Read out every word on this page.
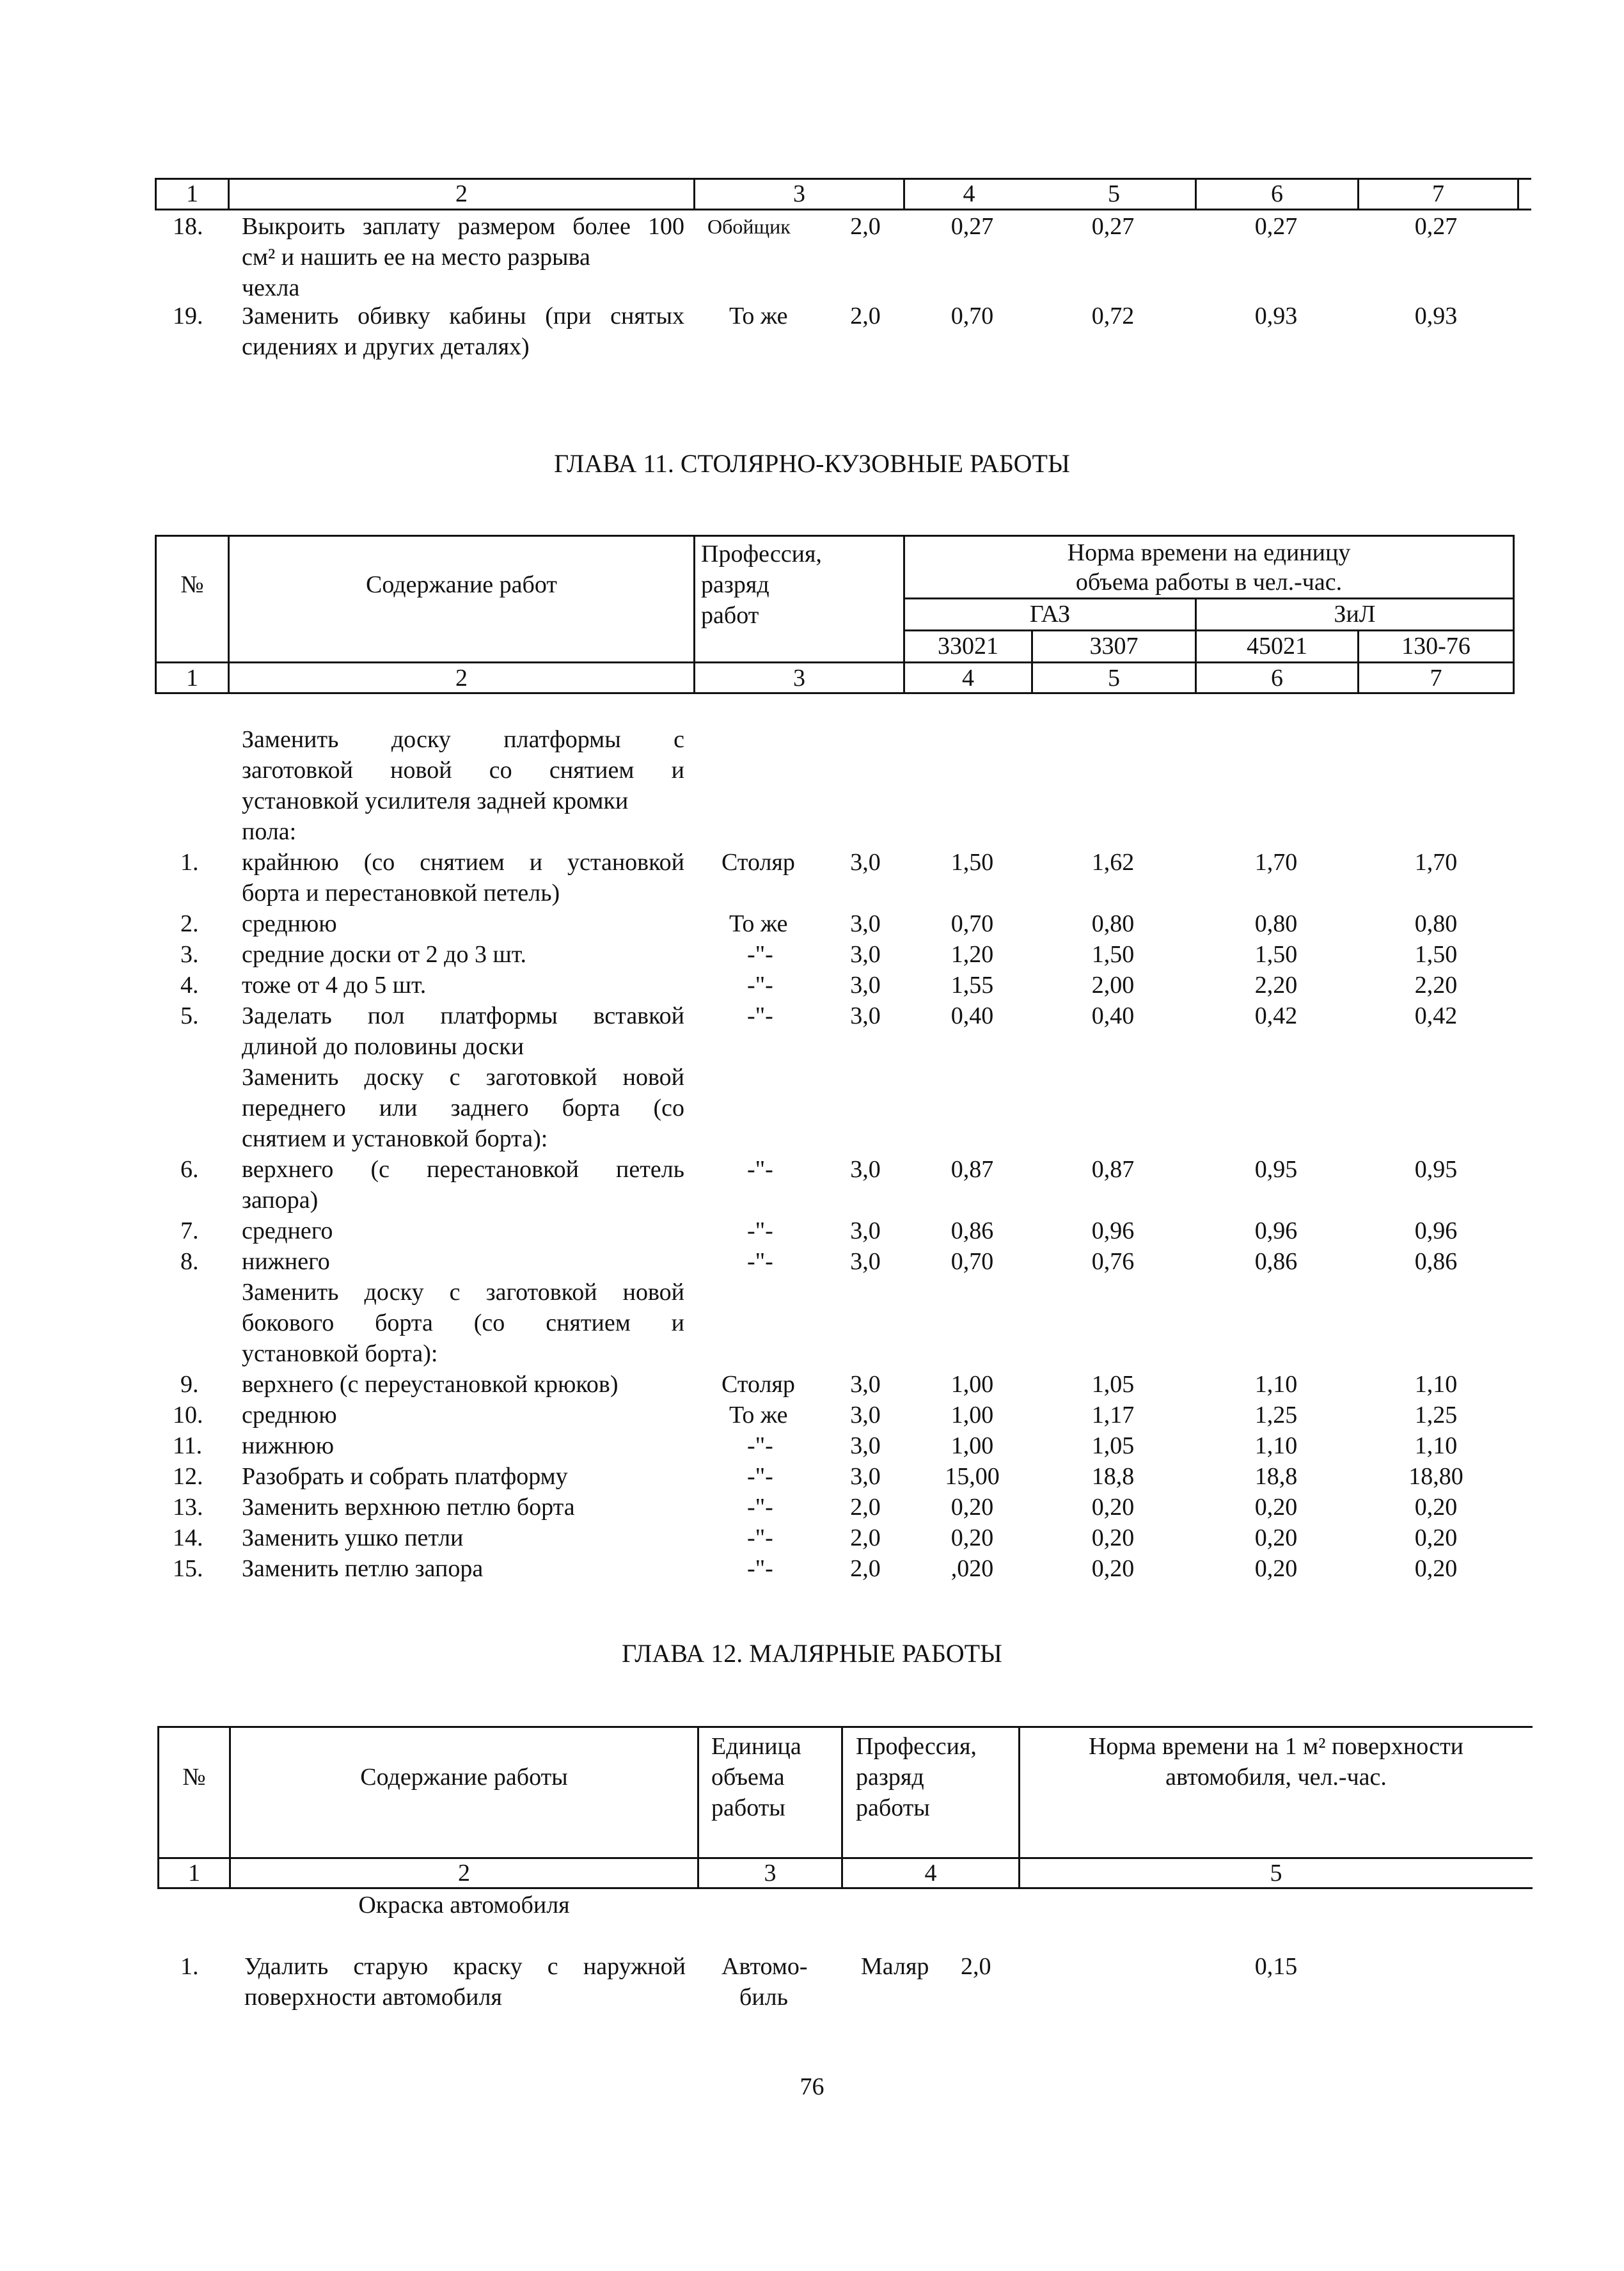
1	2	3	4	5	6	7
18. Выкроить заплату размером более 100
см² и нашить ее на место разрыва
чехла
Обойщик	2,0	0,27	0,27	0,27	0,27
19. Заменить обивку кабины (при снятых
сидениях и других деталях)
То же	2,0	0,70	0,72	0,93	0,93
ГЛАВА 11. СТОЛЯРНО-КУЗОВНЫЕ РАБОТЫ
№	Содержание работ
Профессия,
разряд
работ
Норма времени на единицу
объема работы в чел.-час.
ГАЗ	ЗиЛ
33021	3307	45021	130-76
1	2	3	4	5	6	7
Заменить доску платформы с
заготовкой новой со снятием и
установкой усилителя задней кромки
пола:
1. крайнюю (со снятием и установкой
борта и перестановкой петель)
Столяр	3,0	1,50	1,62	1,70	1,70
2. среднюю	То же	3,0	0,70	0,80	0,80	0,80
3. средние доски от 2 до 3 шт.	-"-	3,0	1,20	1,50	1,50	1,50
4. тоже от 4 до 5 шт.	-"-	3,0	1,55	2,00	2,20	2,20
5. Заделать пол платформы вставкой
длиной до половины доски
-"-	3,0	0,40	0,40	0,42	0,42
Заменить доску с заготовкой новой
переднего или заднего борта (со
снятием и установкой борта):
6. верхнего (с перестановкой петель
запора)
-"-	3,0	0,87	0,87	0,95	0,95
7. среднего	-"-	3,0	0,86	0,96	0,96	0,96
8. нижнего	-"-	3,0	0,70	0,76	0,86	0,86
Заменить доску с заготовкой новой
бокового борта (со снятием и
установкой борта):
9. верхнего (с переустановкой крюков)	Столяр	3,0	1,00	1,05	1,10	1,10
10. среднюю	То же	3,0	1,00	1,17	1,25	1,25
11. нижнюю	-"-	3,0	1,00	1,05	1,10	1,10
12. Разобрать и собрать платформу	-"-	3,0	15,00	18,8	18,8	18,80
13. Заменить верхнюю петлю борта	-"-	2,0	0,20	0,20	0,20	0,20
14. Заменить ушко петли	-"-	2,0	0,20	0,20	0,20	0,20
15. Заменить петлю запора	-"-	2,0	,020	0,20	0,20	0,20
ГЛАВА 12. МАЛЯРНЫЕ РАБОТЫ
№	Содержание работы
Единица
объема
работы
Профессия,
разряд
работы
Норма времени на 1 м² поверхности
автомобиля, чел.-час.
1	2	3	4	5
Окраска автомобиля
1. Удалить старую краску с наружной
поверхности автомобиля
Автомо-
биль
Маляр 2,0	0,15
76
